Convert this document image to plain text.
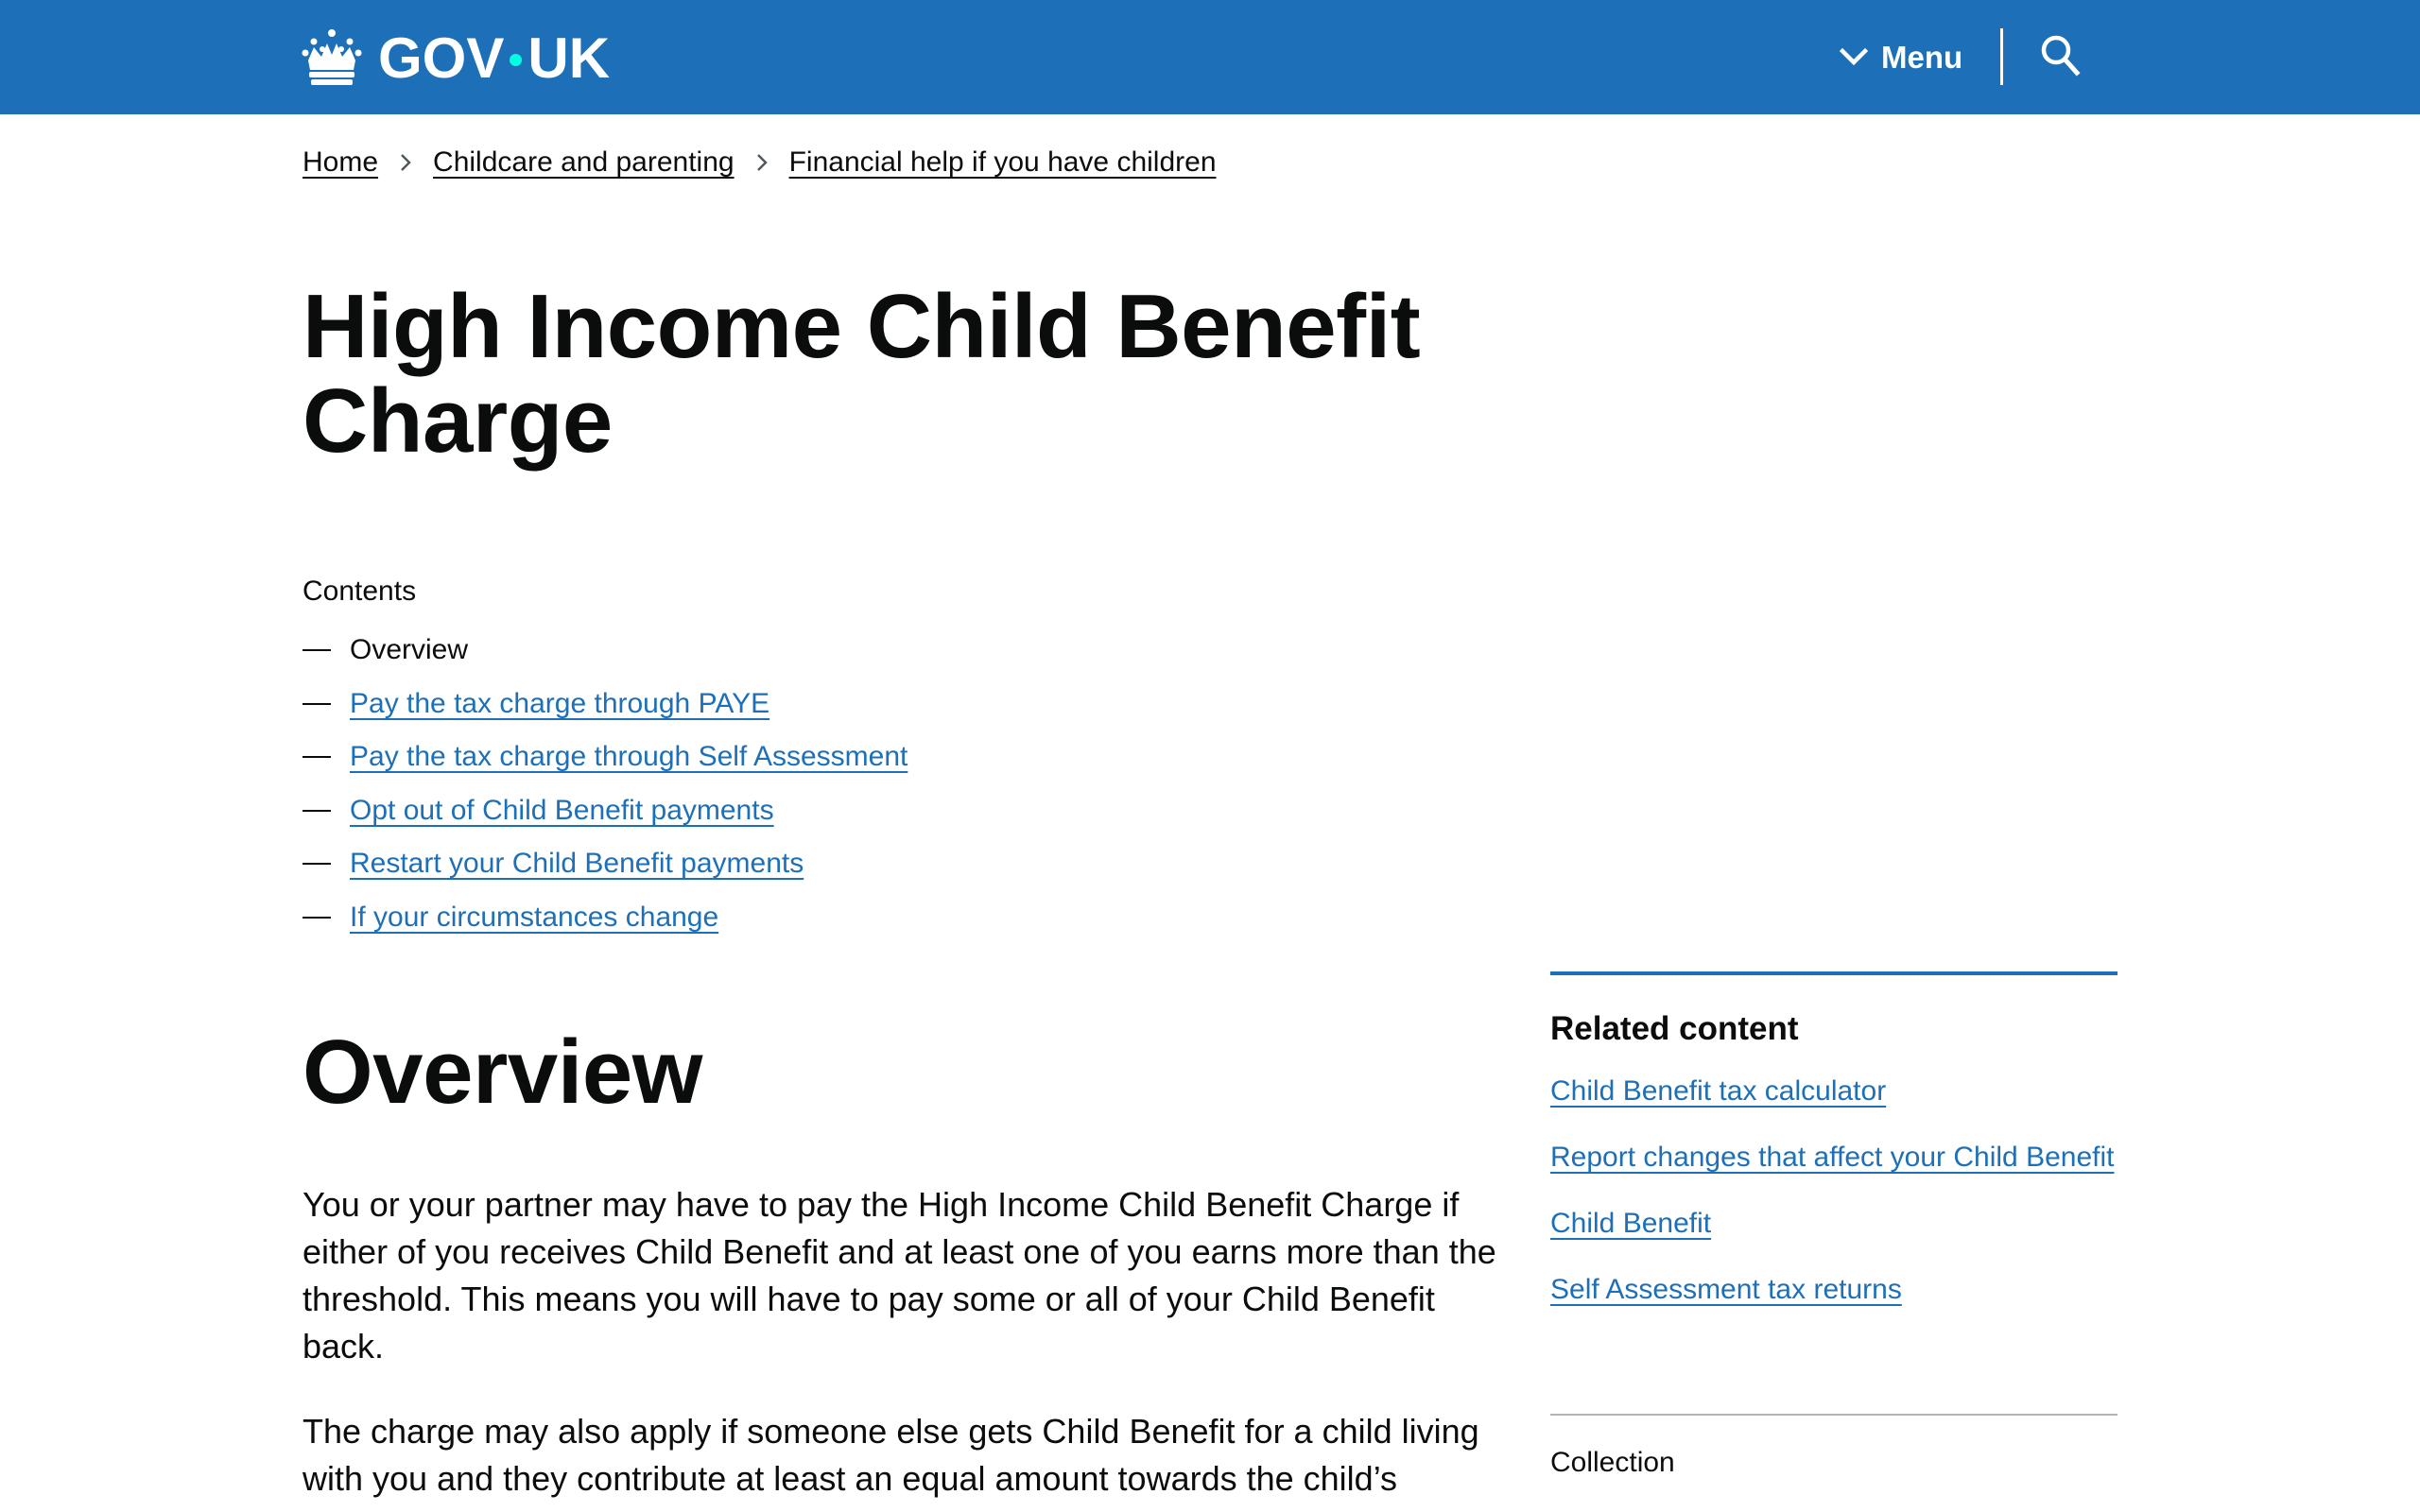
GOV UK	Menu
Home Childcare and parenting Financial help if you have children
High Income Child Benefit Charge
Contents
Overview
Pay the tax charge through PAYE
Pay the tax charge through Self Assessment
Opt out of Child Benefit payments
Restart your Child Benefit payments
If your circumstances change
Overview

You or your partner may have to pay the High Income Child Benefit Charge if either of you receives Child Benefit and at least one of you earns more than the threshold. This means you will have to pay some or all of your Child Benefit back.

The charge may also apply if someone else gets Child Benefit for a child living with you and they contribute at least an equal amount towards the child’s

Related content
Child Benefit tax calculator
Report changes that affect your Child Benefit
Child Benefit
Self Assessment tax returns
Collection
